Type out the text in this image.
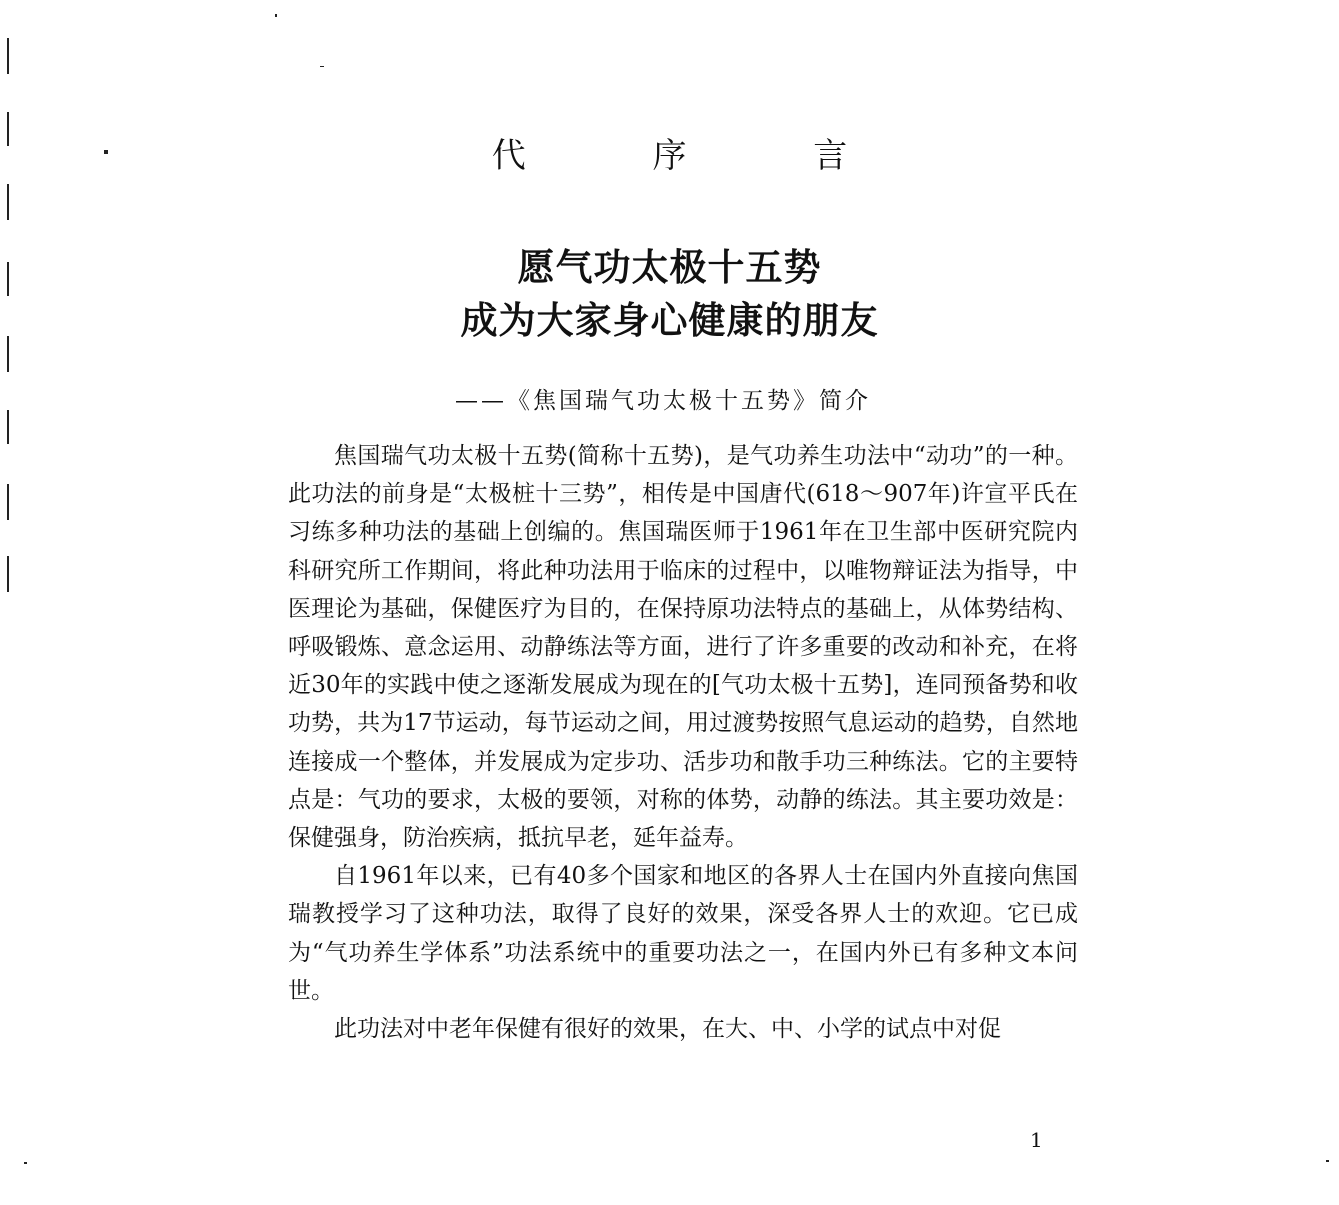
代 序 言
愿气功太极十五势
成为大家身心健康的朋友
——《焦国瑞气功太极十五势》简介

焦国瑞气功太极十五势(简称十五势)，是气功养生功法中“动功”的一种。此功法的前身是“太极桩十三势”，相传是中国唐代(618～907年)许宣平氏在习练多种功法的基础上创编的。焦国瑞医师于1961年在卫生部中医研究院内科研究所工作期间，将此种功法用于临床的过程中，以唯物辩证法为指导，中医理论为基础，保健医疗为目的，在保持原功法特点的基础上，从体势结构、呼吸锻炼、意念运用、动静练法等方面，进行了许多重要的改动和补充，在将近30年的实践中使之逐渐发展成为现在的[气功太极十五势]，连同预备势和收功势，共为17节运动，每节运动之间，用过渡势按照气息运动的趋势，自然地连接成一个整体，并发展成为定步功、活步功和散手功三种练法。它的主要特点是：气功的要求，太极的要领，对称的体势，动静的练法。其主要功效是：保健强身，防治疾病，抵抗早老，延年益寿。

自1961年以来，已有40多个国家和地区的各界人士在国内外直接向焦国瑞教授学习了这种功法，取得了良好的效果，深受各界人士的欢迎。它已成为“气功养生学体系”功法系统中的重要功法之一，在国内外已有多种文本问世。

此功法对中老年保健有很好的效果，在大、中、小学的试点中对促

1
